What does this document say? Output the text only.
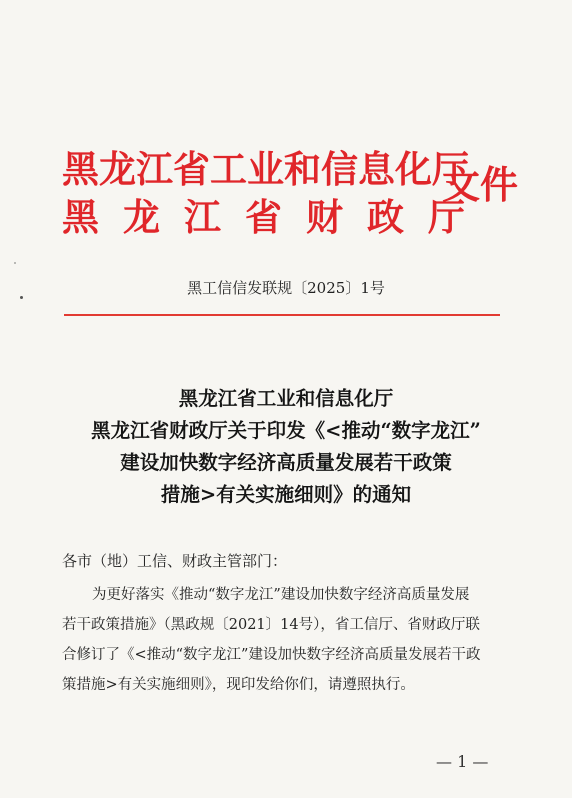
黑龙江省工业和信息化厅
黑龙江省财政厅
文件
黑工信信发联规〔2025〕1号
黑龙江省工业和信息化厅
黑龙江省财政厅关于印发《<推动“数字龙江”
建设加快数字经济高质量发展若干政策
措施>有关实施细则》的通知
各市（地）工信、财政主管部门：
为更好落实《推动“数字龙江”建设加快数字经济高质量发展
若干政策措施》（黑政规〔2021〕14号），省工信厅、省财政厅联
合修订了《<推动“数字龙江”建设加快数字经济高质量发展若干政
策措施>有关实施细则》，现印发给你们，请遵照执行。
— 1 —
